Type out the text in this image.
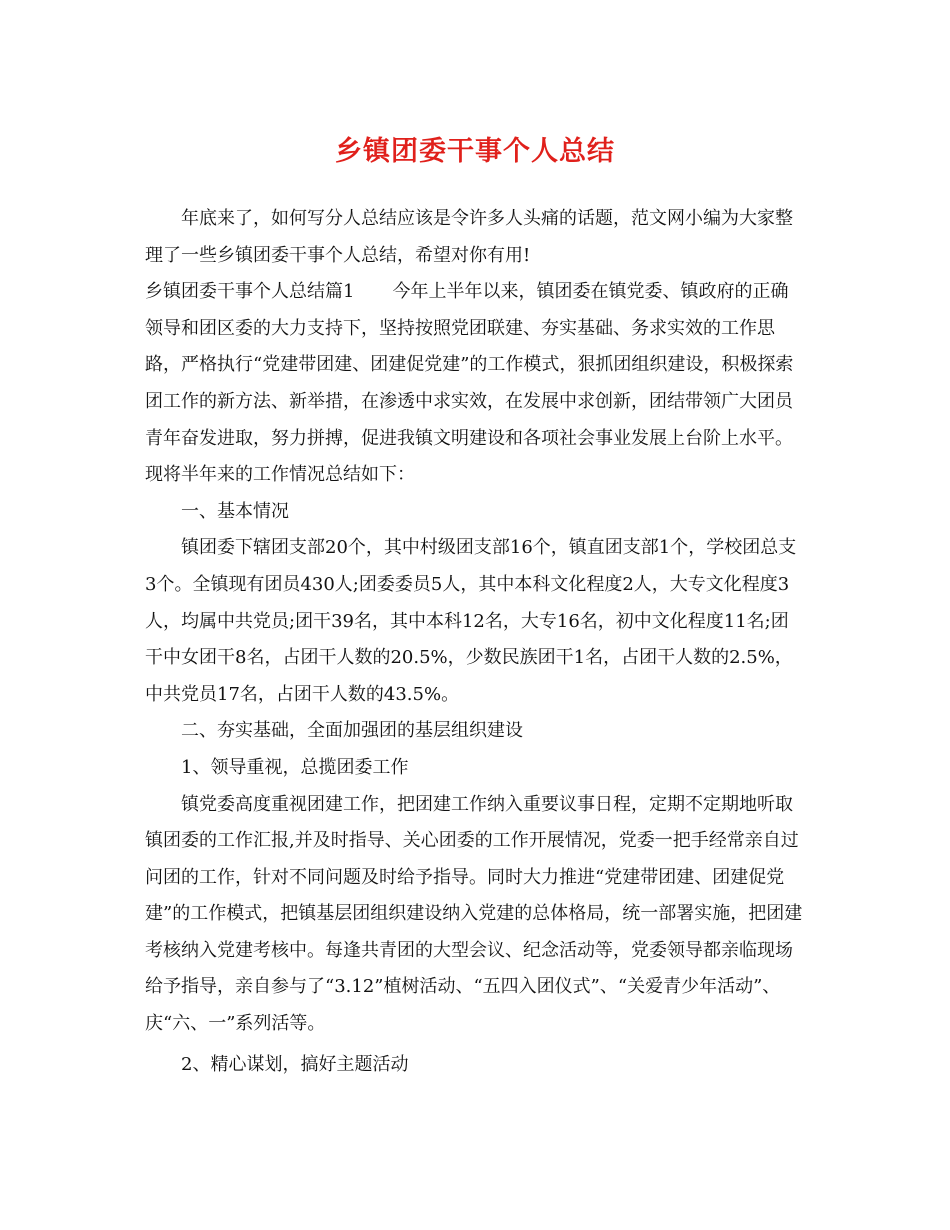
乡镇团委干事个人总结

年底来了，如何写分人总结应该是令许多人头痛的话题，范文网小编为大家整理了一些乡镇团委干事个人总结，希望对你有用!

乡镇团委干事个人总结篇1 今年上半年以来，镇团委在镇党委、镇政府的正确领导和团区委的大力支持下，坚持按照党团联建、夯实基础、务求实效的工作思路，严格执行“党建带团建、团建促党建”的工作模式，狠抓团组织建设，积极探索团工作的新方法、新举措，在渗透中求实效，在发展中求创新，团结带领广大团员青年奋发进取，努力拼搏，促进我镇文明建设和各项社会事业发展上台阶上水平。现将半年来的工作情况总结如下：

一、基本情况

镇团委下辖团支部20个，其中村级团支部16个，镇直团支部1个，学校团总支3个。全镇现有团员430人;团委委员5人，其中本科文化程度2人，大专文化程度3人，均属中共党员;团干39名，其中本科12名，大专16名，初中文化程度11名;团干中女团干8名，占团干人数的20.5%，少数民族团干1名，占团干人数的2.5%，中共党员17名，占团干人数的43.5%。

二、夯实基础，全面加强团的基层组织建设

1、领导重视，总揽团委工作

镇党委高度重视团建工作，把团建工作纳入重要议事日程，定期不定期地听取镇团委的工作汇报,并及时指导、关心团委的工作开展情况，党委一把手经常亲自过问团的工作，针对不同问题及时给予指导。同时大力推进“党建带团建、团建促党建”的工作模式，把镇基层团组织建设纳入党建的总体格局，统一部署实施，把团建考核纳入党建考核中。每逢共青团的大型会议、纪念活动等，党委领导都亲临现场给予指导，亲自参与了“3.12”植树活动、“五四入团仪式”、“关爱青少年活动”、庆“六、一”系列活等。

2、精心谋划，搞好主题活动
